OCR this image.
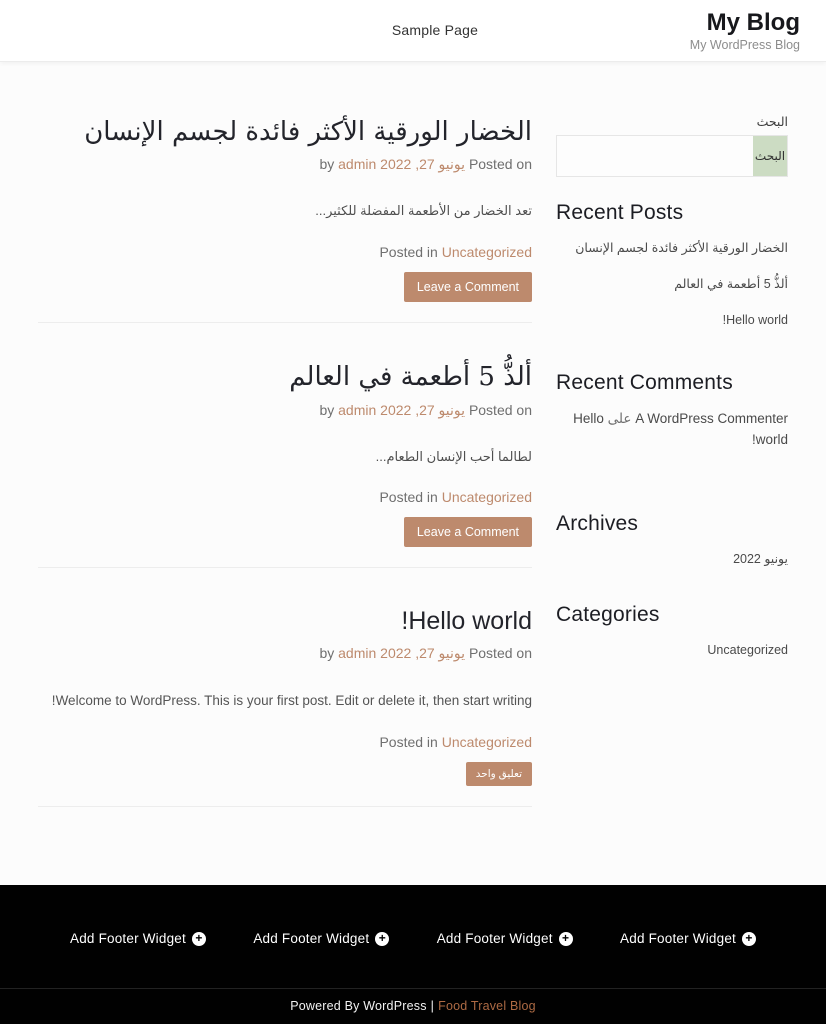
Sample Page	My Blog
My WordPress Blog
البحث
البحث
Recent Posts
الخضار الورقية الأكثر فائدة لجسم الإنسان
ألذُّ 5 أطعمة في العالم
Hello world!
Recent Comments
A WordPress Commenter على Hello world!
Archives
يونيو 2022
Categories
Uncategorized
الخضار الورقية الأكثر فائدة لجسم الإنسان
Posted on يونيو 27, 2022 by admin

تعد الخضار من الأطعمة المفضلة للكثير...

Posted in Uncategorized
Leave a Comment
ألذُّ 5 أطعمة في العالم
Posted on يونيو 27, 2022 by admin

لطالما أحب الإنسان الطعام...

Posted in Uncategorized
Leave a Comment
Hello world!
Posted on يونيو 27, 2022 by admin

Welcome to WordPress. This is your first post. Edit or delete it, then start writing!

Posted in Uncategorized
تعليق واحد
Add Footer Widget +	Add Footer Widget +	Add Footer Widget +	Add Footer Widget +
Powered By WordPress | Food Travel Blog
